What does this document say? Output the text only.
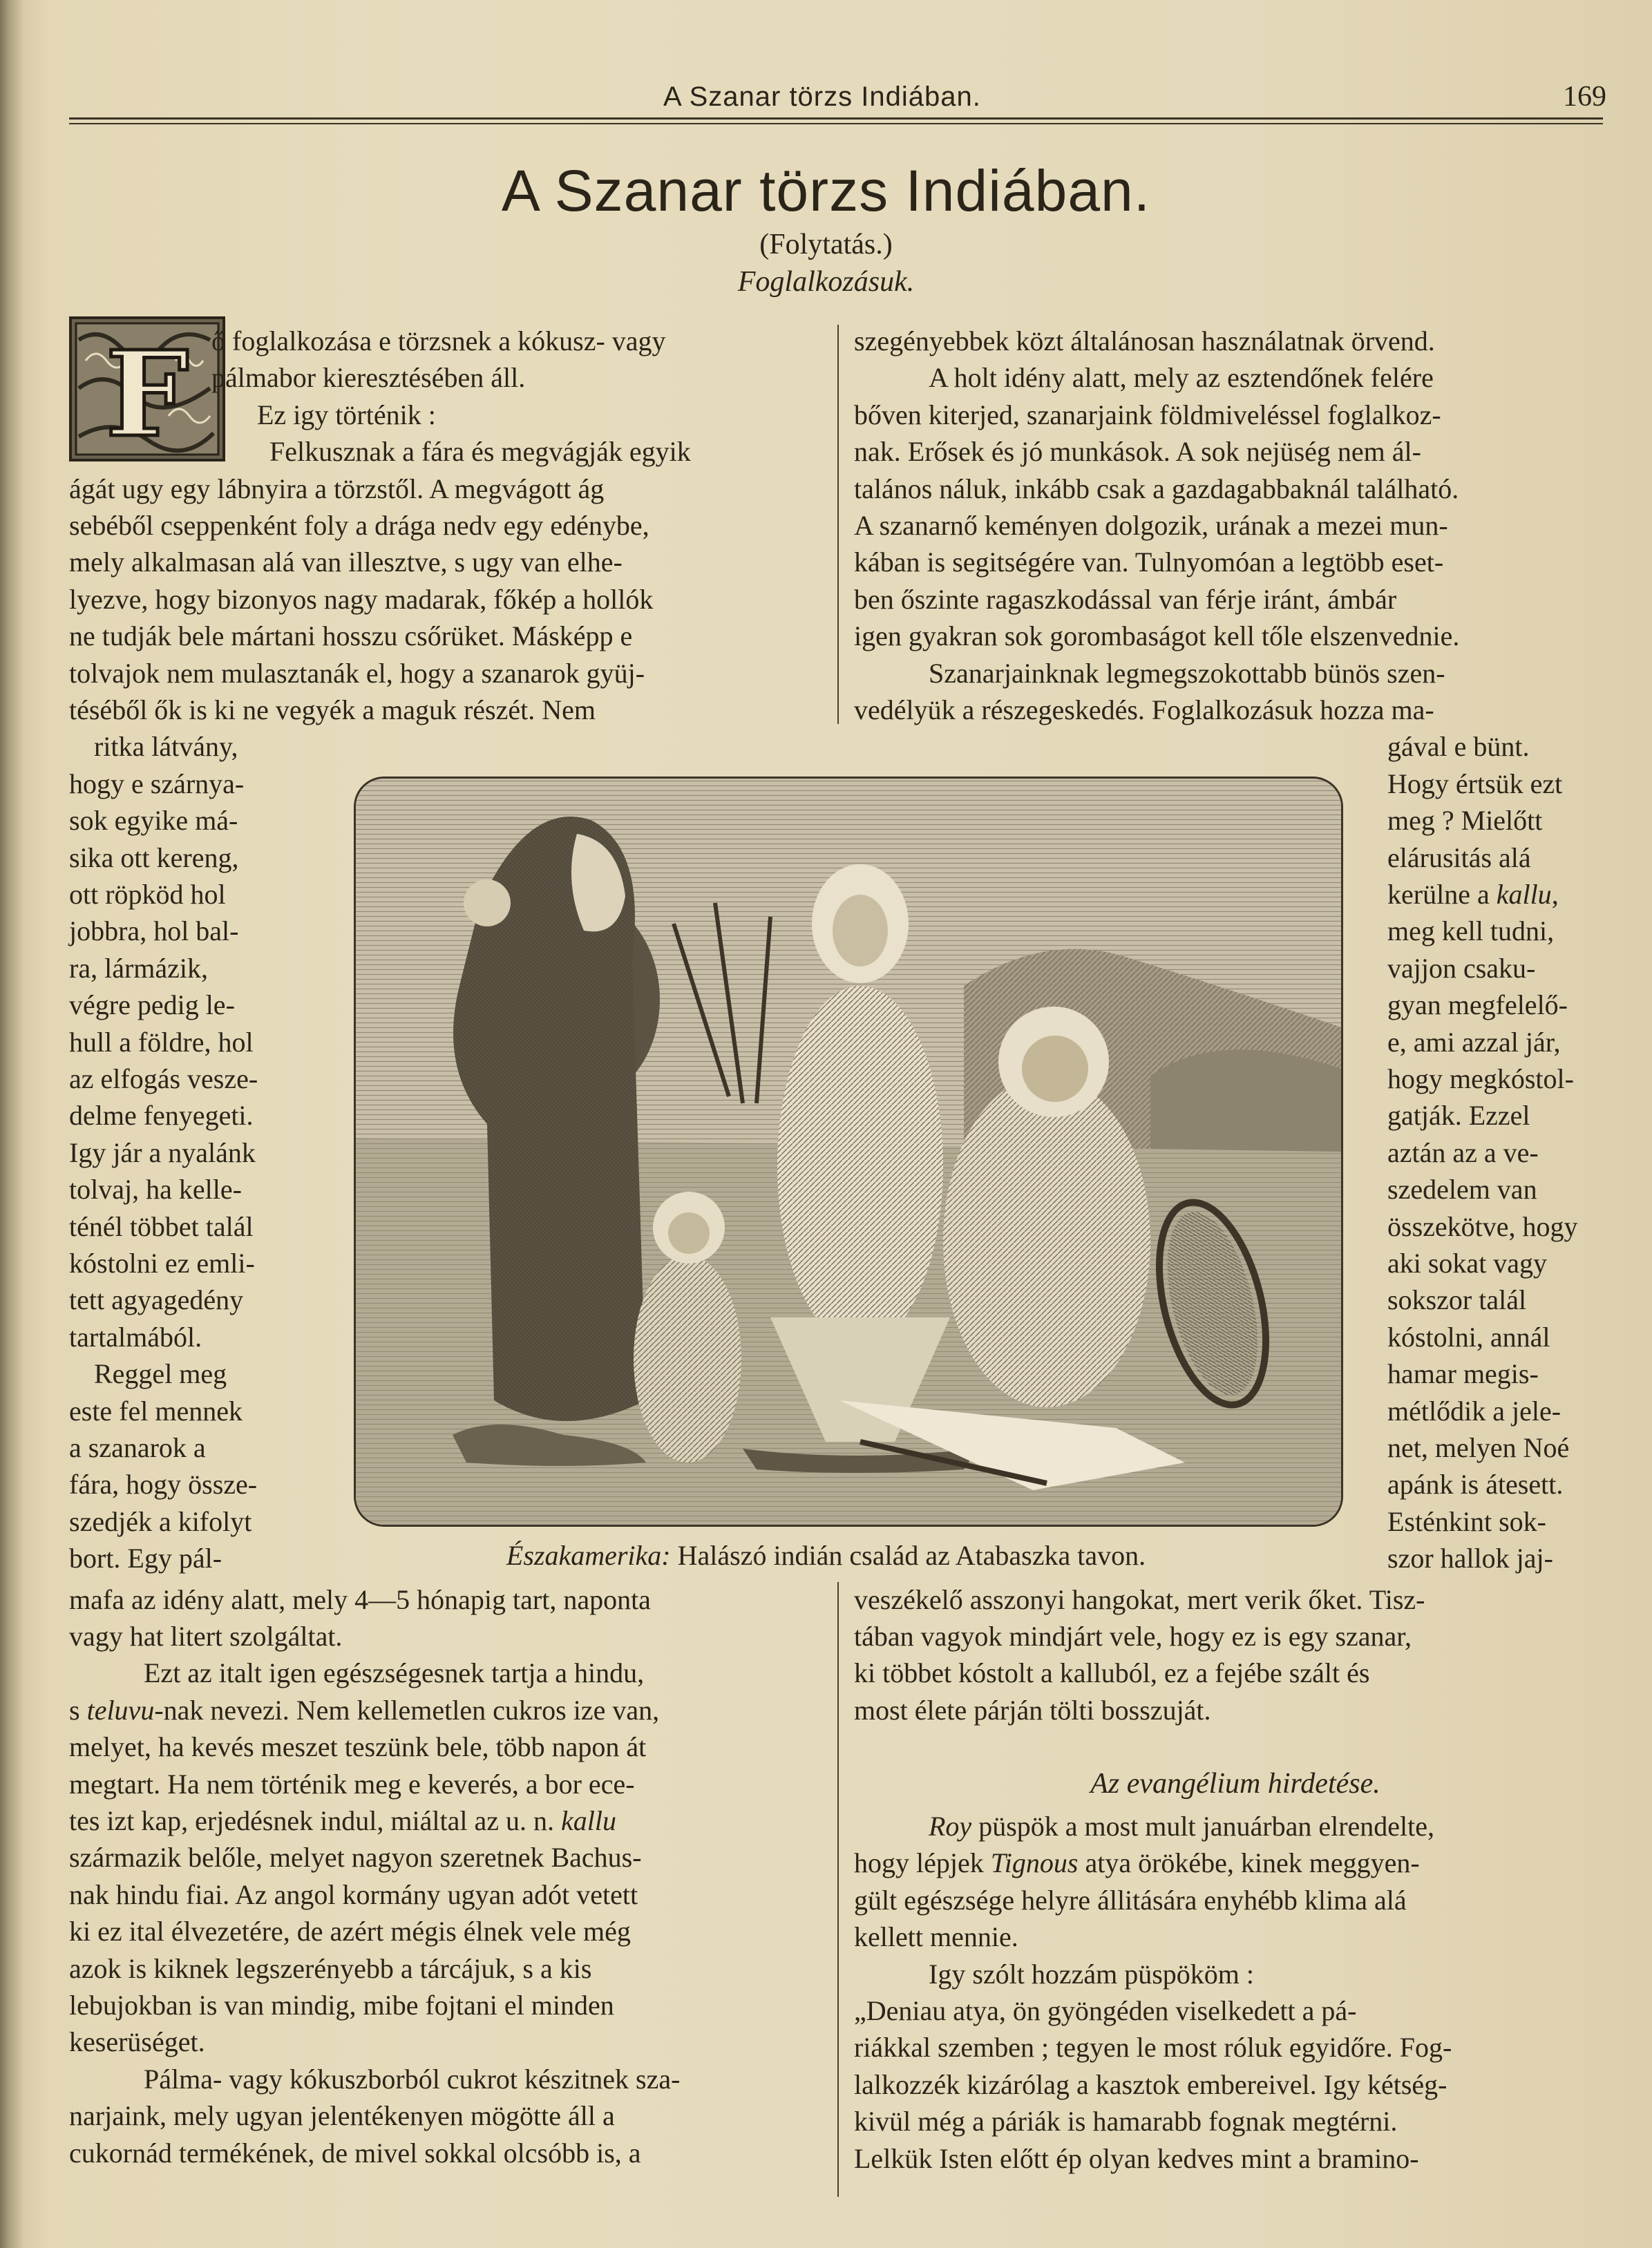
A Szanar törzs Indiában.	169
A Szanar törzs Indiában.
(Folytatás.)
Foglalkozásuk.
F
Északamerika: Halászó indián család az Atabaszka tavon.
ő foglalkozása e törzsnek a kókusz- vagy
pálmabor kieresztésében áll.
Ez igy történik :
Felkusznak a fára és megvágják egyik
ágát ugy egy lábnyira a törzstől. A megvágott ág
sebéből cseppenként foly a drága nedv egy edénybe,
mely alkalmasan alá van illesztve, s ugy van elhe-
lyezve, hogy bizonyos nagy madarak, főkép a hollók
ne tudják bele mártani hosszu csőrüket. Másképp e
tolvajok nem mulasztanák el, hogy a szanarok gyüj-
téséből ők is ki ne vegyék a maguk részét. Nem
ritka látvány,
hogy e szárnya-
sok egyike má-
sika ott kereng,
ott röpköd hol
jobbra, hol bal-
ra, lármázik,
végre pedig le-
hull a földre, hol
az elfogás vesze-
delme fenyegeti.
Igy jár a nyalánk
tolvaj, ha kelle-
ténél többet talál
kóstolni ez emli-
tett agyagedény
tartalmából.
Reggel meg
este fel mennek
a szanarok a
fára, hogy össze-
szedjék a kifolyt
bort. Egy pál-
mafa az idény alatt, mely 4—5 hónapig tart, naponta
vagy hat litert szolgáltat.
Ezt az italt igen egészségesnek tartja a hindu,
s teluvu-nak nevezi. Nem kellemetlen cukros ize van,
melyet, ha kevés meszet teszünk bele, több napon át
megtart. Ha nem történik meg e keverés, a bor ece-
tes izt kap, erjedésnek indul, miáltal az u. n. kallu
származik belőle, melyet nagyon szeretnek Bachus-
nak hindu fiai. Az angol kormány ugyan adót vetett
ki ez ital élvezetére, de azért mégis élnek vele még
azok is kiknek legszerényebb a tárcájuk, s a kis
lebujokban is van mindig, mibe fojtani el minden
keserüséget.
Pálma- vagy kókuszborból cukrot készitnek sza-
narjaink, mely ugyan jelentékenyen mögötte áll a
cukornád termékének, de mivel sokkal olcsóbb is, a
szegényebbek közt általánosan használatnak örvend.
A holt idény alatt, mely az esztendőnek felére
bőven kiterjed, szanarjaink földmiveléssel foglalkoz-
nak. Erősek és jó munkások. A sok nejüség nem ál-
talános náluk, inkább csak a gazdagabbaknál található.
A szanarnő keményen dolgozik, urának a mezei mun-
kában is segitségére van. Tulnyomóan a legtöbb eset-
ben őszinte ragaszkodással van férje iránt, ámbár
igen gyakran sok gorombaságot kell tőle elszenvednie.
Szanarjainknak legmegszokottabb bünös szen-
vedélyük a részegeskedés. Foglalkozásuk hozza ma-
gával e bünt.
Hogy értsük ezt
meg ? Mielőtt
elárusitás alá
kerülne a kallu,
meg kell tudni,
vajjon csaku-
gyan megfelelő-
e, ami azzal jár,
hogy megkóstol-
gatják. Ezzel
aztán az a ve-
szedelem van
összekötve, hogy
aki sokat vagy
sokszor talál
kóstolni, annál
hamar megis-
métlődik a jele-
net, melyen Noé
apánk is átesett.
Esténkint sok-
szor hallok jaj-
veszékelő asszonyi hangokat, mert verik őket. Tisz-
tában vagyok mindjárt vele, hogy ez is egy szanar,
ki többet kóstolt a kalluból, ez a fejébe szált és
most élete párján tölti bosszuját.
Az evangélium hirdetése.
Roy püspök a most mult januárban elrendelte,
hogy lépjek Tignous atya örökébe, kinek meggyen-
gült egészsége helyre állitására enyhébb klima alá
kellett mennie.
Igy szólt hozzám püspököm :
„Deniau atya, ön gyöngéden viselkedett a pá-
riákkal szemben ; tegyen le most róluk egyidőre. Fog-
lalkozzék kizárólag a kasztok embereivel. Igy kétség-
kivül még a páriák is hamarabb fognak megtérni.
Lelkük Isten előtt ép olyan kedves mint a bramino-
